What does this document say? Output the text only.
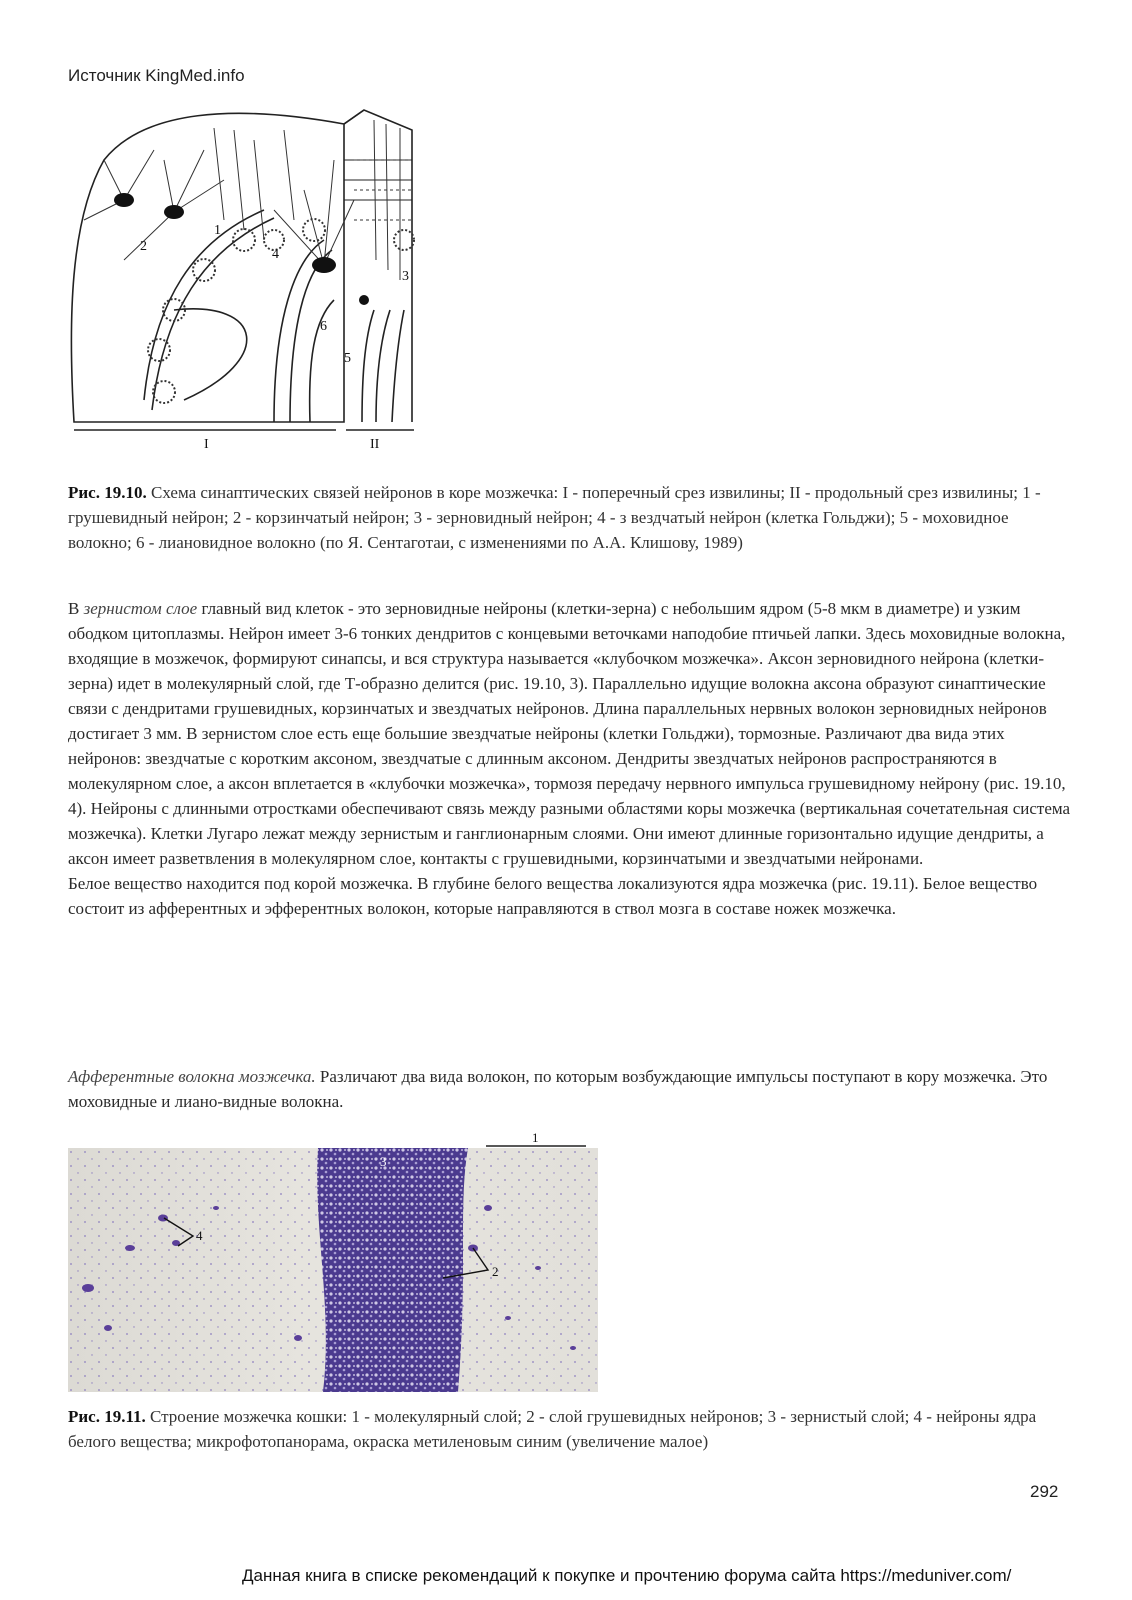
Источник KingMed.info
1
2
3
4
5
6
I	II
Рис. 19.10. Схема синаптических связей нейронов в коре мозжечка: I - поперечный срез извилины; II - продольный срез извилины; 1 - грушевидный нейрон; 2 - корзинчатый нейрон; 3 - зерновидный нейрон; 4 - з вездчатый нейрон (клетка Гольджи); 5 - моховидное волокно; 6 - лиановидное волокно (по Я. Сентаготаи, с изменениями по А.А. Клишову, 1989)
В зернистом слое главный вид клеток - это зерновидные нейроны (клетки-зерна) с небольшим ядром (5-8 мкм в диаметре) и узким ободком цитоплазмы. Нейрон имеет 3-6 тонких дендритов с концевыми веточками наподобие птичьей лапки. Здесь моховидные волокна, входящие в мозжечок, формируют синапсы, и вся структура называется «клубочком мозжечка». Аксон зерновидного нейрона (клетки-зерна) идет в молекулярный слой, где Т-образно делится (рис. 19.10, 3). Параллельно идущие волокна аксона образуют синаптические связи с дендритами грушевидных, корзинчатых и звездчатых нейронов. Длина параллельных нервных волокон зерновидных нейронов достигает 3 мм. В зернистом слое есть еще большие звездчатые нейроны (клетки Гольджи), тормозные. Различают два вида этих нейронов: звездчатые с коротким аксоном, звездчатые с длинным аксоном. Дендриты звездчатых нейронов распространяются в молекулярном слое, а аксон вплетается в «клубочки мозжечка», тормозя передачу нервного импульса грушевидному нейрону (рис. 19.10, 4). Нейроны с длинными отростками обеспечивают связь между разными областями коры мозжечка (вертикальная сочетательная система мозжечка). Клетки Лугаро лежат между зернистым и ганглионарным слоями. Они имеют длинные горизонтально идущие дендриты, а аксон имеет разветвления в молекулярном слое, контакты с грушевидными, корзинчатыми и звездчатыми нейронами.
Белое вещество находится под корой мозжечка. В глубине белого вещества локализуются ядра мозжечка (рис. 19.11). Белое вещество состоит из афферентных и эфферентных волокон, которые направляются в ствол мозга в составе ножек мозжечка.
Афферентные волокна мозжечка. Различают два вида волокон, по которым возбуждающие импульсы поступают в кору мозжечка. Это моховидные и лиано-видные волокна.
1
4
2
3
Рис. 19.11. Строение мозжечка кошки: 1 - молекулярный слой; 2 - слой грушевидных нейронов; 3 - зернистый слой; 4 - нейроны ядра белого вещества; микрофотопанорама, окраска метиленовым синим (увеличение малое)
292
Данная книга в списке рекомендаций к покупке и прочтению форума сайта https://meduniver.com/
